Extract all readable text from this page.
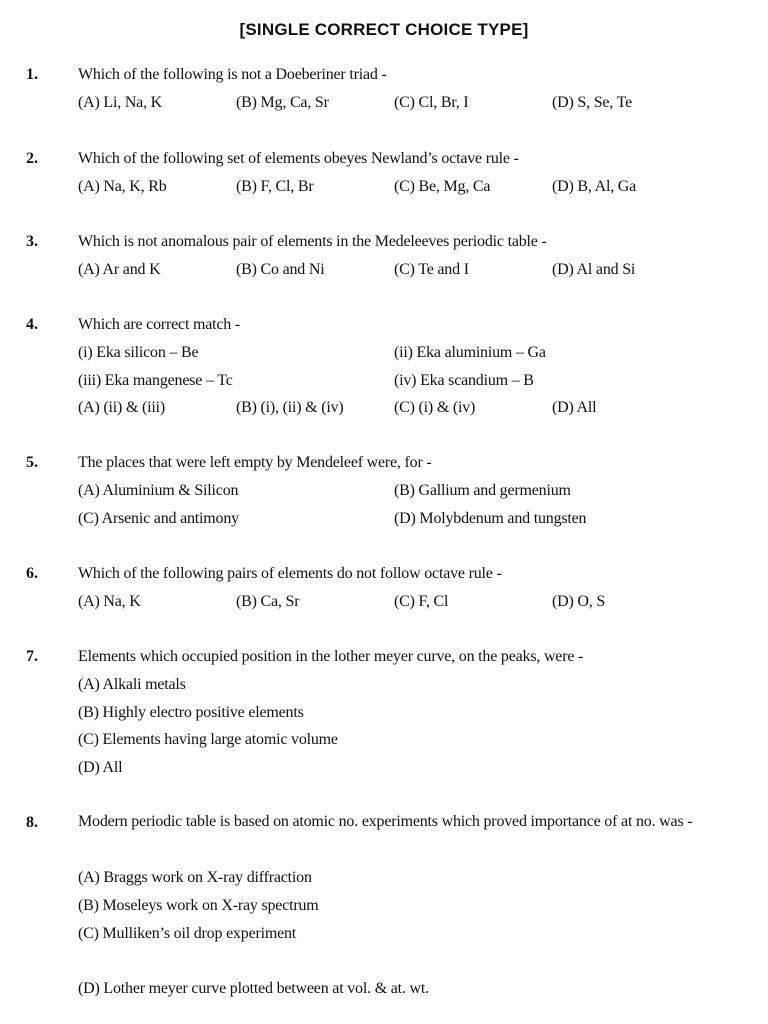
[SINGLE CORRECT CHOICE TYPE]
1.	Which of the following is not a Doeberiner triad -
(A) Li, Na, K	(B) Mg, Ca, Sr	(C) Cl, Br, I	(D) S, Se, Te
2.	Which of the following set of elements obeyes Newland’s octave rule -
(A) Na, K, Rb	(B) F, Cl, Br	(C) Be, Mg, Ca	(D) B, Al, Ga
3.	Which is not anomalous pair of elements in the Medeleeves periodic table -
(A) Ar and K	(B) Co and Ni	(C) Te and I	(D) Al and Si
4.	Which are correct match -
(i) Eka silicon – Be	(ii) Eka aluminium – Ga
(iii) Eka mangenese – Tc	(iv) Eka scandium – B
(A) (ii) & (iii)	(B) (i), (ii) & (iv)	(C) (i) & (iv)	(D) All
5.	The places that were left empty by Mendeleef were, for -
(A) Aluminium & Silicon	(B) Gallium and germenium
(C) Arsenic and antimony	(D) Molybdenum and tungsten
6.	Which of the following pairs of elements do not follow octave rule -
(A) Na, K	(B) Ca, Sr	(C) F, Cl	(D) O, S
7.	Elements which occupied position in the lother meyer curve, on the peaks, were -
(A) Alkali metals
(B) Highly electro positive elements
(C) Elements having large atomic volume
(D) All
8.	Modern periodic table is based on atomic no. experiments which proved importance of at no. was -
(A) Braggs work on X-ray diffraction
(B) Moseleys work on X-ray spectrum
(C) Mulliken’s oil drop experiment
(D) Lother meyer curve plotted between at vol. & at. wt.
